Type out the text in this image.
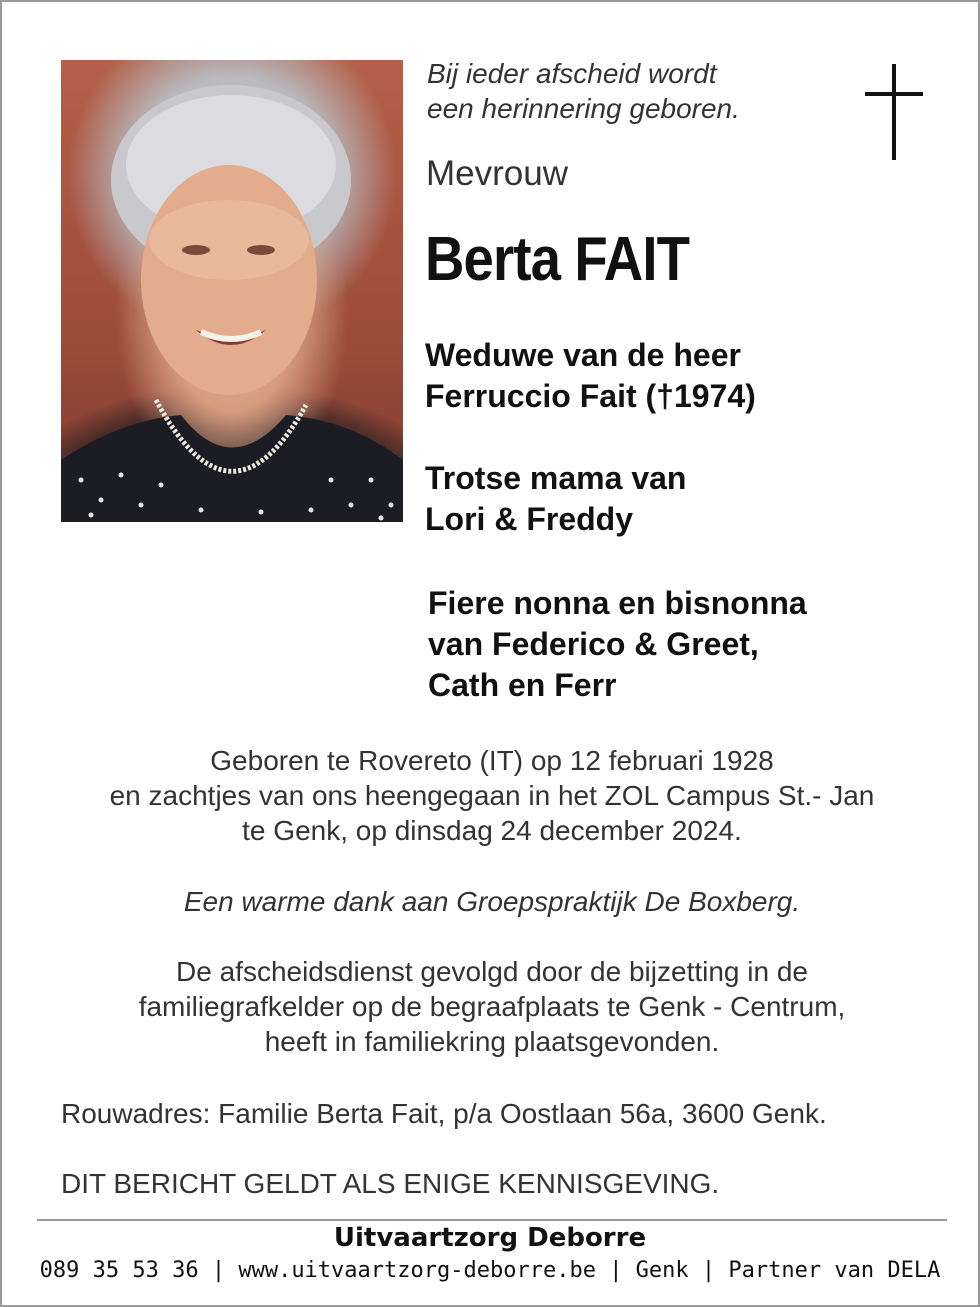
Bij ieder afscheid wordt
een herinnering geboren.
Mevrouw
Berta FAIT
Weduwe van de heer
Ferruccio Fait (†1974)
Trotse mama van
Lori & Freddy
Fiere nonna en bisnonna
van Federico & Greet,
Cath en Ferr
Geboren te Rovereto (IT) op 12 februari 1928
en zachtjes van ons heengegaan in het ZOL Campus St.- Jan
te Genk, op dinsdag 24 december 2024.
Een warme dank aan Groepspraktijk De Boxberg.
De afscheidsdienst gevolgd door de bijzetting in de
familiegrafkelder op de begraafplaats te Genk - Centrum,
heeft in familiekring plaatsgevonden.
Rouwadres: Familie Berta Fait, p/a Oostlaan 56a, 3600 Genk.
DIT BERICHT GELDT ALS ENIGE KENNISGEVING.
Uitvaartzorg Deborre
089 35 53 36 | www.uitvaartzorg-deborre.be | Genk | Partner van DELA
